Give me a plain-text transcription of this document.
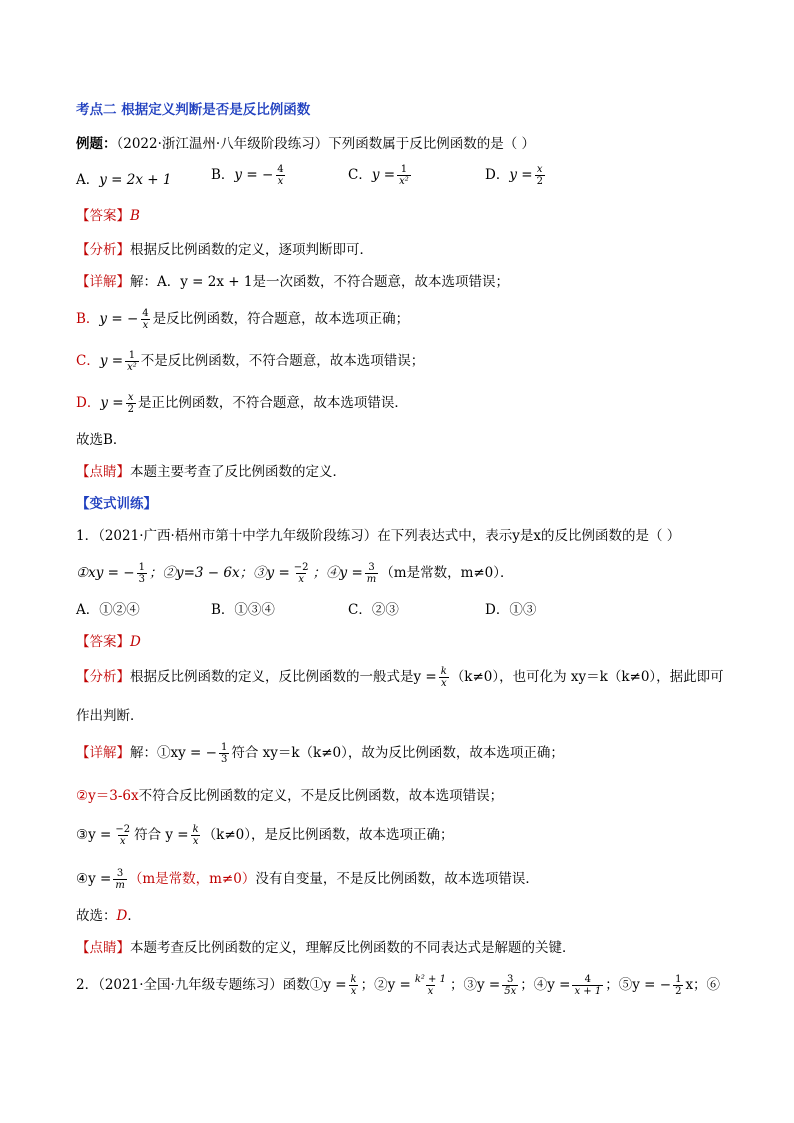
考点二 根据定义判断是否是反比例函数
例题：（2022·浙江温州·八年级阶段练习）下列函数属于反比例函数的是（ ）
A．y = 2x + 1	B．y = − $\frac{4}{x}$	C．$y = \frac{1}{\text{x²}}$	D．$y = \frac{x}{2}$
【答案】B
【分析】根据反比例函数的定义，逐项判断即可．
【详解】解：A．y = 2x + 1是一次函数，不符合题意，故本选项错误；
B．y = − $\frac{4}{x}$ 是反比例函数，符合题意，故本选项正确；
C．$y = \frac{1}{\text{x²}}$ 不是反比例函数，不符合题意，故本选项错误；
D．$y = \frac{x}{2}$ 是正比例函数，不符合题意，故本选项错误．
故选B．
【点睛】本题主要考查了反比例函数的定义．
【变式训练】
1．（2021·广西·梧州市第十中学九年级阶段练习）在下列表达式中，表示y是x的反比例函数的是（ ）
①xy = − $\frac{1}{3}$ ；②y=3 − 6x；③y = $\frac{-2}{x}$ ；④y = $\frac{3}{m} (m$是常数，m≠0）．
A．①②④	B．①③④	C．②③	D．①③
【答案】D
【分析】根据反比例函数的定义，反比例函数的一般式是$y = \frac{k}{x} (k\ne 0)$，也可化为 xy＝k（k≠0），据此即可
作出判断．
【详解】解：①xy = − $\frac{1}{3}$ 符合 xy＝k（k≠0），故为反比例函数，故本选项正确；
②y＝3-6x不符合反比例函数的定义，不是反比例函数，故本选项错误；
③y = $\frac{-2}{x}$ 符合 $y = \frac{k}{x} (k\ne 0)$，是反比例函数，故本选项正确；
④y = $\frac{3}{m} (m$是常数，m≠0）没有自变量，不是反比例函数，故本选项错误．
故选：D．
【点睛】本题考查反比例函数的定义，理解反比例函数的不同表达式是解题的关键．
2．（2021·全国·九年级专题练习）函数①y = $\frac{k}{x}$ ；②y = $\frac{\text{k² + 1}}{x}$ ；③y = $\frac{3}{5x}$ ；④y = $\frac{4}{x + 1}$ ；⑤y = − $\frac{1}{2}$ x；⑥
